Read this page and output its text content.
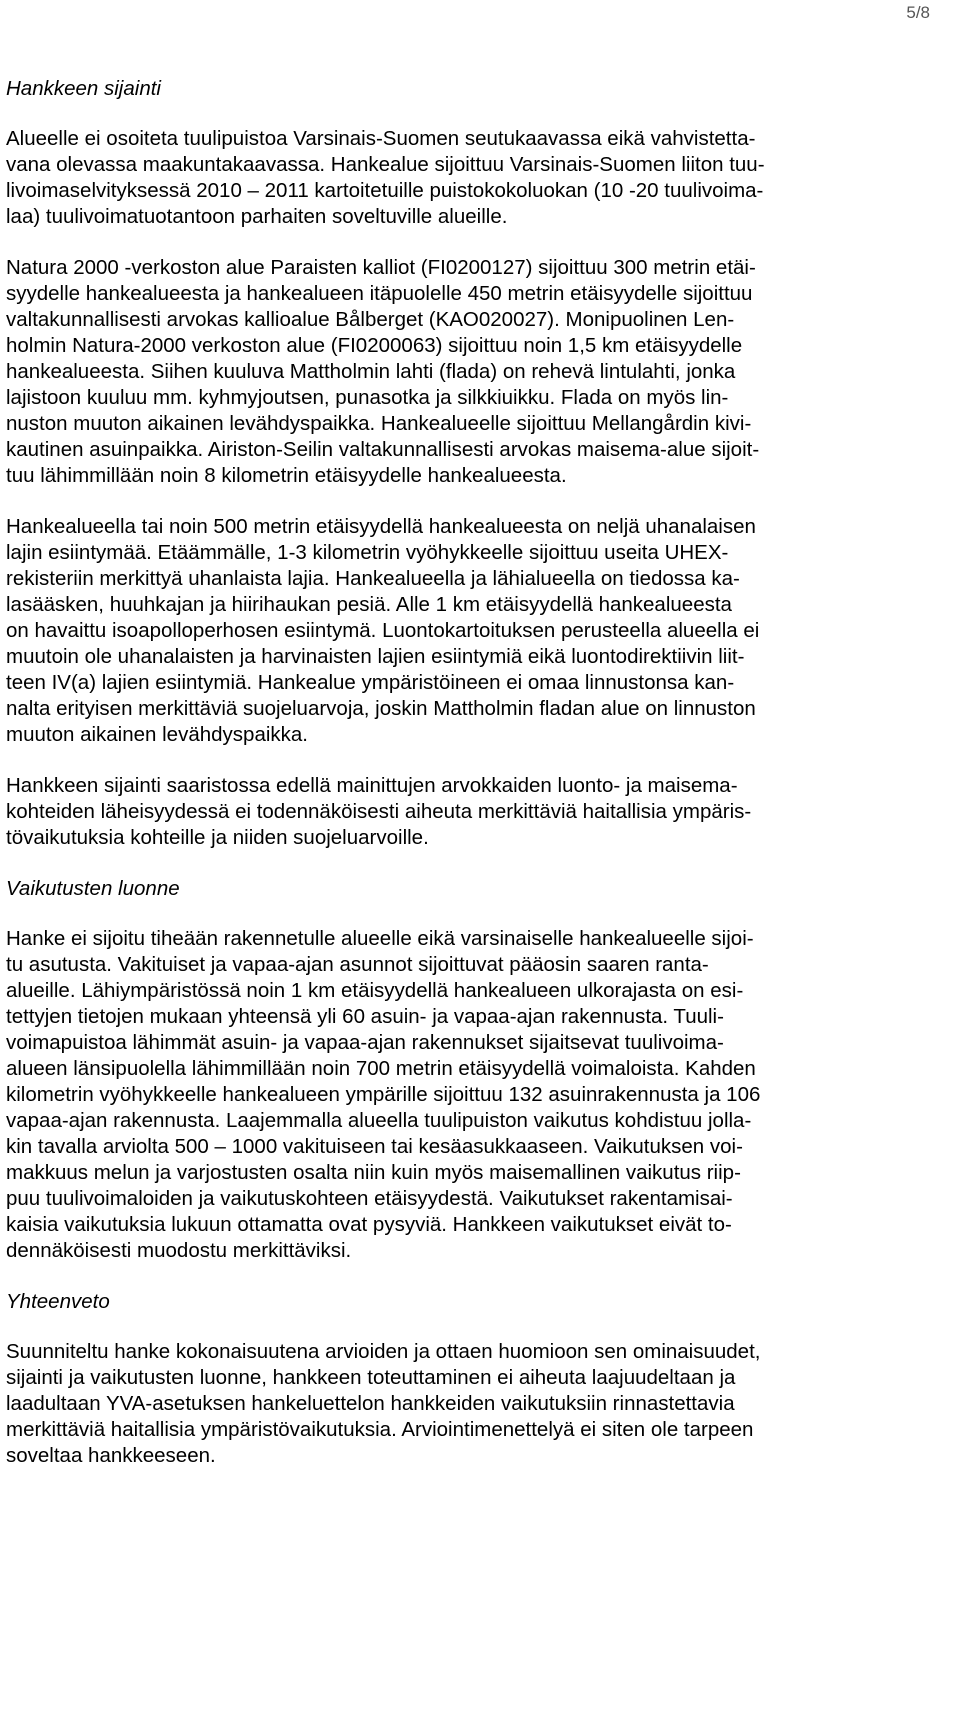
5/8
Hankkeen sijainti
Alueelle ei osoiteta tuulipuistoa Varsinais-Suomen seutukaavassa eikä vahvistetta-
vana olevassa maakuntakaavassa. Hankealue sijoittuu Varsinais-Suomen liiton tuu-
livoimaselvityksessä 2010 – 2011 kartoitetuille puistokokoluokan (10 -20 tuulivoima-
laa) tuulivoimatuotantoon parhaiten soveltuville alueille.
Natura 2000 -verkoston alue Paraisten kalliot (FI0200127) sijoittuu 300 metrin etäi-
syydelle hankealueesta ja hankealueen itäpuolelle 450 metrin etäisyydelle sijoittuu
valtakunnallisesti arvokas kallioalue Bålberget (KAO020027). Monipuolinen Len-
holmin Natura-2000 verkoston alue (FI0200063) sijoittuu noin 1,5 km etäisyydelle
hankealueesta. Siihen kuuluva Mattholmin lahti (flada) on rehevä lintulahti, jonka
lajistoon kuuluu mm. kyhmyjoutsen, punasotka ja silkkiuikku. Flada on myös lin-
nuston muuton aikainen levähdyspaikka. Hankealueelle sijoittuu Mellangårdin kivi-
kautinen asuinpaikka. Airiston-Seilin valtakunnallisesti arvokas maisema-alue sijoit-
tuu lähimmillään noin 8 kilometrin etäisyydelle hankealueesta.
Hankealueella tai noin 500 metrin etäisyydellä hankealueesta on neljä uhanalaisen
lajin esiintymää. Etäämmälle, 1-3 kilometrin vyöhykkeelle sijoittuu useita UHEX-
rekisteriin merkittyä uhanlaista lajia. Hankealueella ja lähialueella on tiedossa ka-
lasääsken, huuhkajan ja hiirihaukan pesiä. Alle 1 km etäisyydellä hankealueesta
on havaittu isoapolloperhosen esiintymä. Luontokartoituksen perusteella alueella ei
muutoin ole uhanalaisten ja harvinaisten lajien esiintymiä eikä luontodirektiivin liit-
teen IV(a) lajien esiintymiä. Hankealue ympäristöineen ei omaa linnustonsa kan-
nalta erityisen merkittäviä suojeluarvoja, joskin Mattholmin fladan alue on linnuston
muuton aikainen levähdyspaikka.
Hankkeen sijainti saaristossa edellä mainittujen arvokkaiden luonto- ja maisema-
kohteiden läheisyydessä ei todennäköisesti aiheuta merkittäviä haitallisia ympäris-
tövaikutuksia kohteille ja niiden suojeluarvoille.
Vaikutusten luonne
Hanke ei sijoitu tiheään rakennetulle alueelle eikä varsinaiselle hankealueelle sijoi-
tu asutusta. Vakituiset ja vapaa-ajan asunnot sijoittuvat pääosin saaren ranta-
alueille. Lähiympäristössä noin 1 km etäisyydellä hankealueen ulkorajasta on esi-
tettyjen tietojen mukaan yhteensä yli 60 asuin- ja vapaa-ajan rakennusta. Tuuli-
voimapuistoa lähimmät asuin- ja vapaa-ajan rakennukset sijaitsevat tuulivoima-
alueen länsipuolella lähimmillään noin 700 metrin etäisyydellä voimaloista. Kahden
kilometrin vyöhykkeelle hankealueen ympärille sijoittuu 132 asuinrakennusta ja 106
vapaa-ajan rakennusta. Laajemmalla alueella tuulipuiston vaikutus kohdistuu jolla-
kin tavalla arviolta 500 – 1000 vakituiseen tai kesäasukkaaseen. Vaikutuksen voi-
makkuus melun ja varjostusten osalta niin kuin myös maisemallinen vaikutus riip-
puu tuulivoimaloiden ja vaikutuskohteen etäisyydestä. Vaikutukset rakentamisai-
kaisia vaikutuksia lukuun ottamatta ovat pysyviä. Hankkeen vaikutukset eivät to-
dennäköisesti muodostu merkittäviksi.
Yhteenveto
Suunniteltu hanke kokonaisuutena arvioiden ja ottaen huomioon sen ominaisuudet,
sijainti ja vaikutusten luonne, hankkeen toteuttaminen ei aiheuta laajuudeltaan ja
laadultaan YVA-asetuksen hankeluettelon hankkeiden vaikutuksiin rinnastettavia
merkittäviä haitallisia ympäristövaikutuksia. Arviointimenettelyä ei siten ole tarpeen
soveltaa hankkeeseen.
